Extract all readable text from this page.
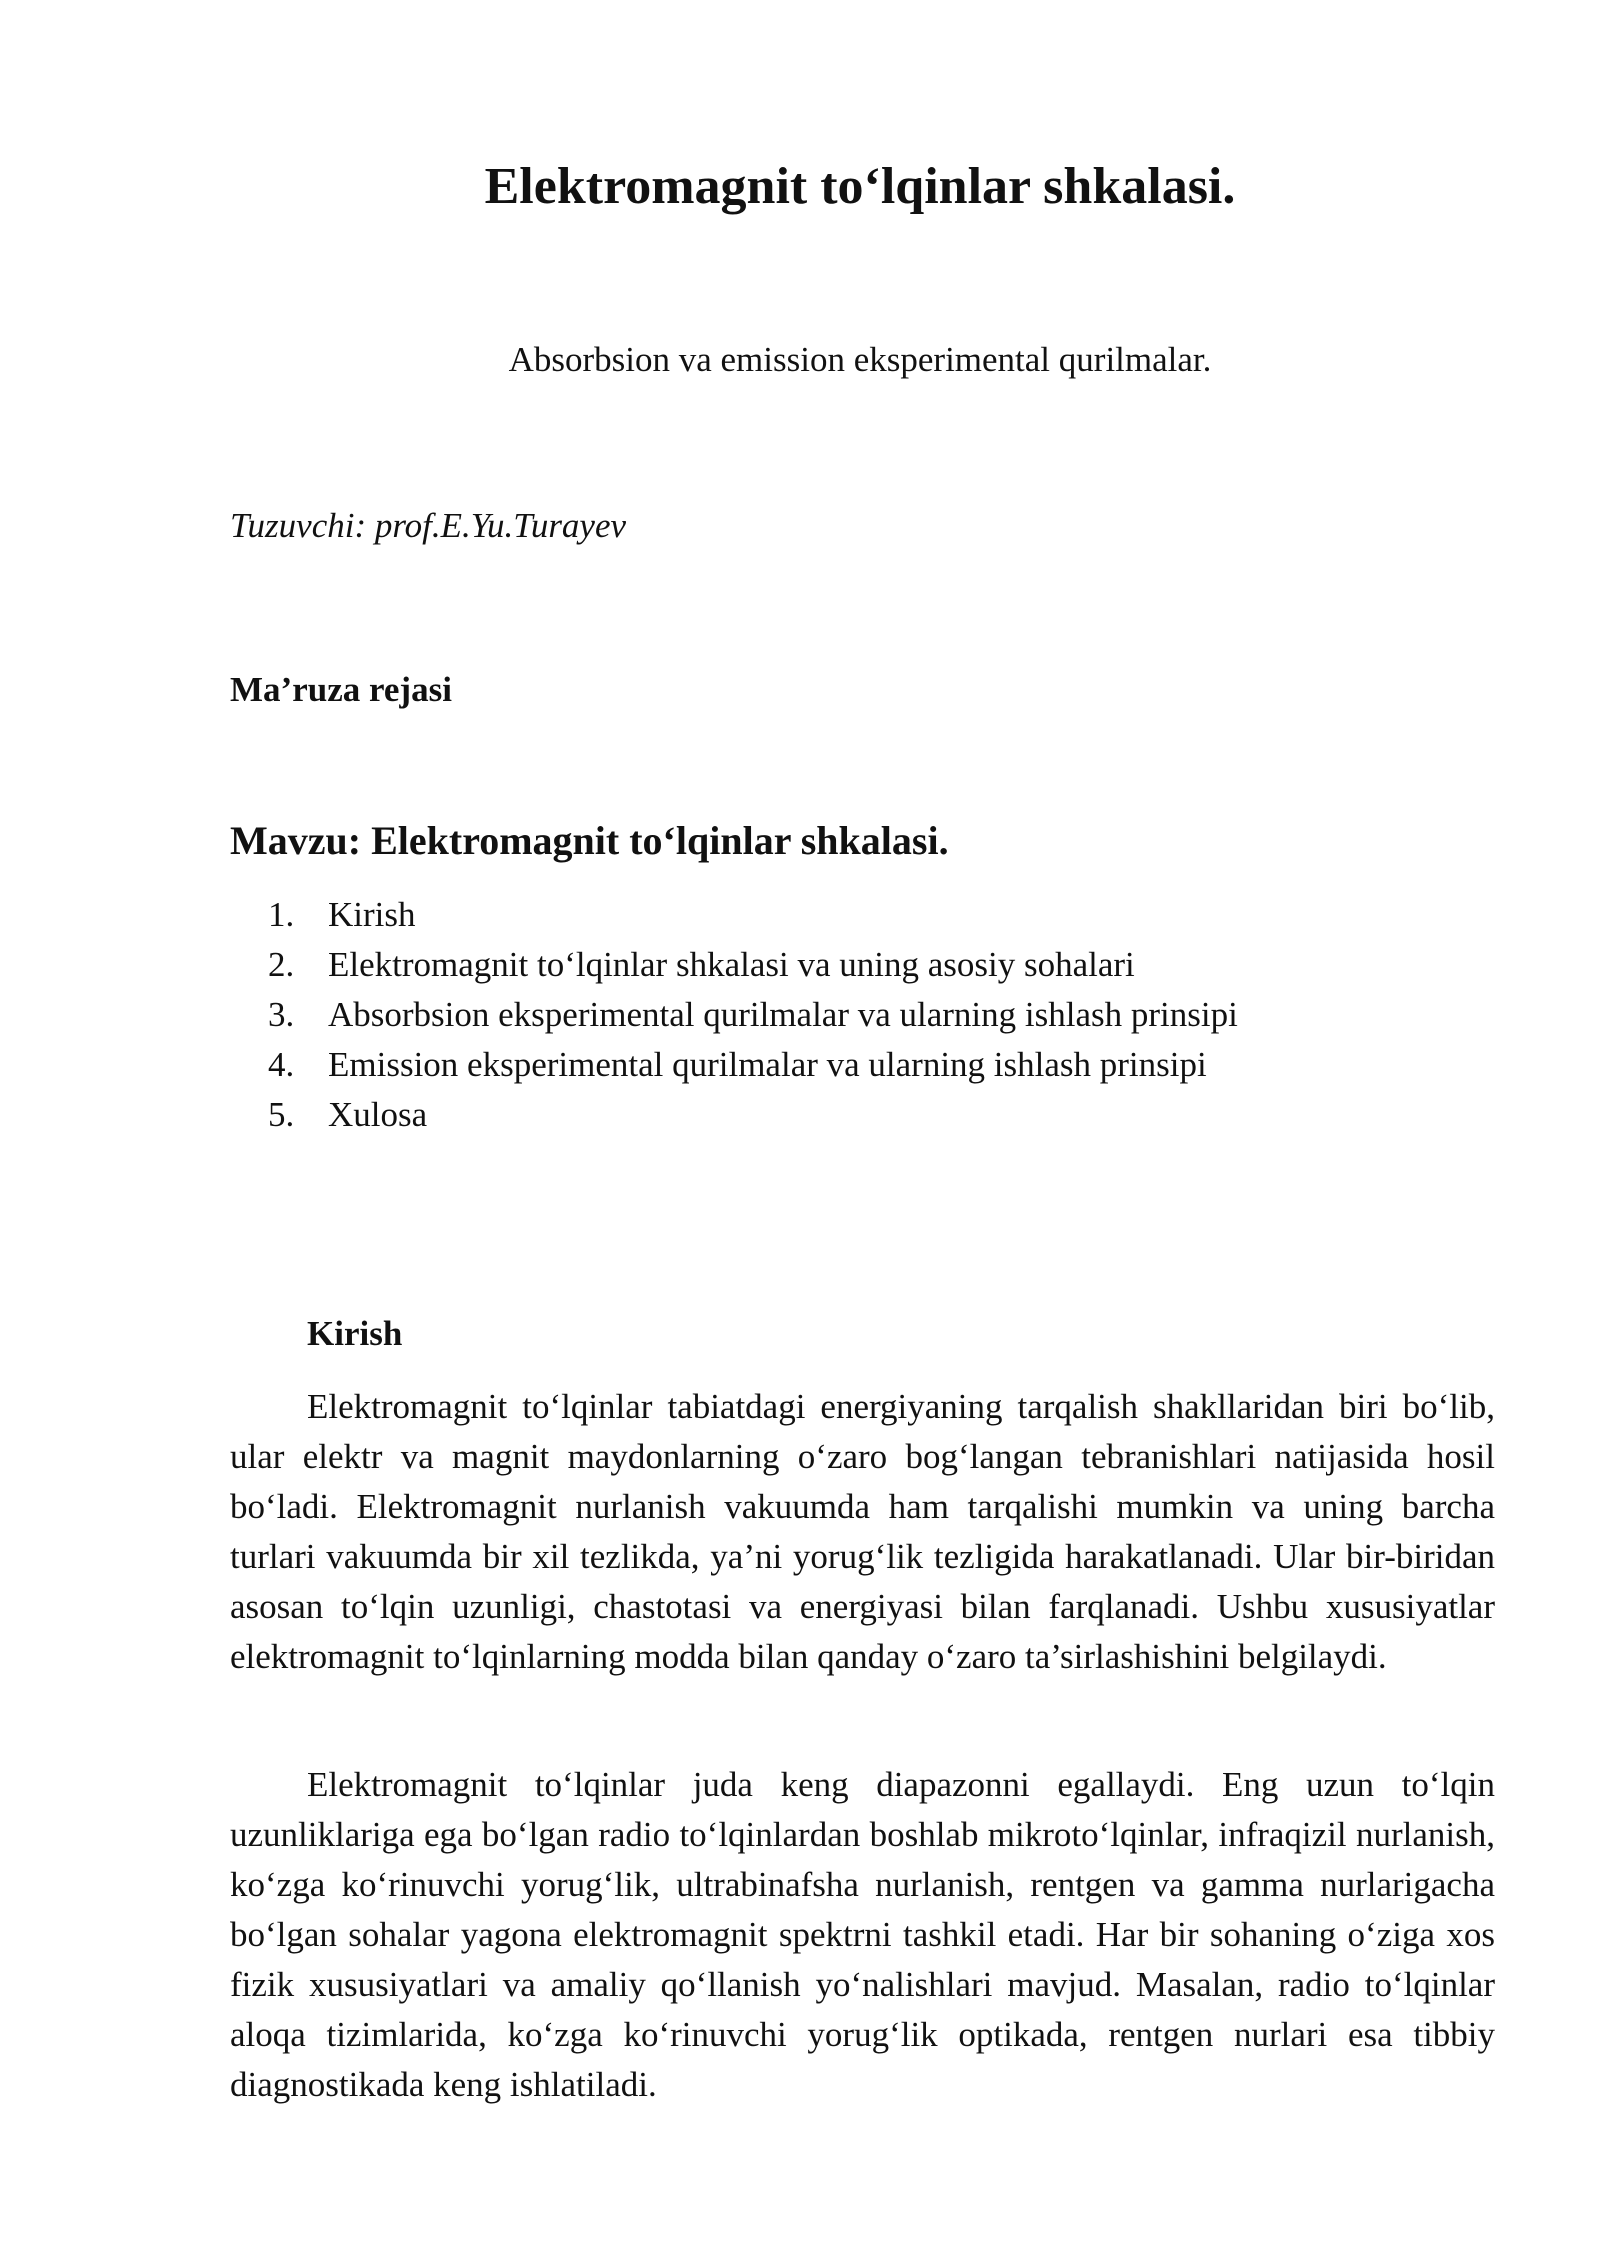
Elektromagnit to‘lqinlar shkalasi.
Absorbsion va emission eksperimental qurilmalar.
Tuzuvchi: prof.E.Yu.Turayev
Ma’ruza rejasi
Mavzu: Elektromagnit to‘lqinlar shkalasi.
1. Kirish
2. Elektromagnit to‘lqinlar shkalasi va uning asosiy sohalari
3. Absorbsion eksperimental qurilmalar va ularning ishlash prinsipi
4. Emission eksperimental qurilmalar va ularning ishlash prinsipi
5. Xulosa
Kirish

Elektromagnit to‘lqinlar tabiatdagi energiyaning tarqalish shakllaridan biri bo‘lib, ular elektr va magnit maydonlarning o‘zaro bog‘langan tebranishlari natijasida hosil bo‘ladi. Elektromagnit nurlanish vakuumda ham tarqalishi mumkin va uning barcha turlari vakuumda bir xil tezlikda, ya’ni yorug‘lik tezligida harakatlanadi. Ular bir-biridan asosan to‘lqin uzunligi, chastotasi va energiyasi bilan farqlanadi. Ushbu xususiyatlar elektromagnit to‘lqinlarning modda bilan qanday o‘zaro ta’sirlashishini belgilaydi.

Elektromagnit to‘lqinlar juda keng diapazonni egallaydi. Eng uzun to‘lqin uzunliklariga ega bo‘lgan radio to‘lqinlardan boshlab mikroto‘lqinlar, infraqizil nurlanish, ko‘zga ko‘rinuvchi yorug‘lik, ultrabinafsha nurlanish, rentgen va gamma nurlarigacha bo‘lgan sohalar yagona elektromagnit spektrni tashkil etadi. Har bir sohaning o‘ziga xos fizik xususiyatlari va amaliy qo‘llanish yo‘nalishlari mavjud. Masalan, radio to‘lqinlar aloqa tizimlarida, ko‘zga ko‘rinuvchi yorug‘lik optikada, rentgen nurlari esa tibbiy diagnostikada keng ishlatiladi.
